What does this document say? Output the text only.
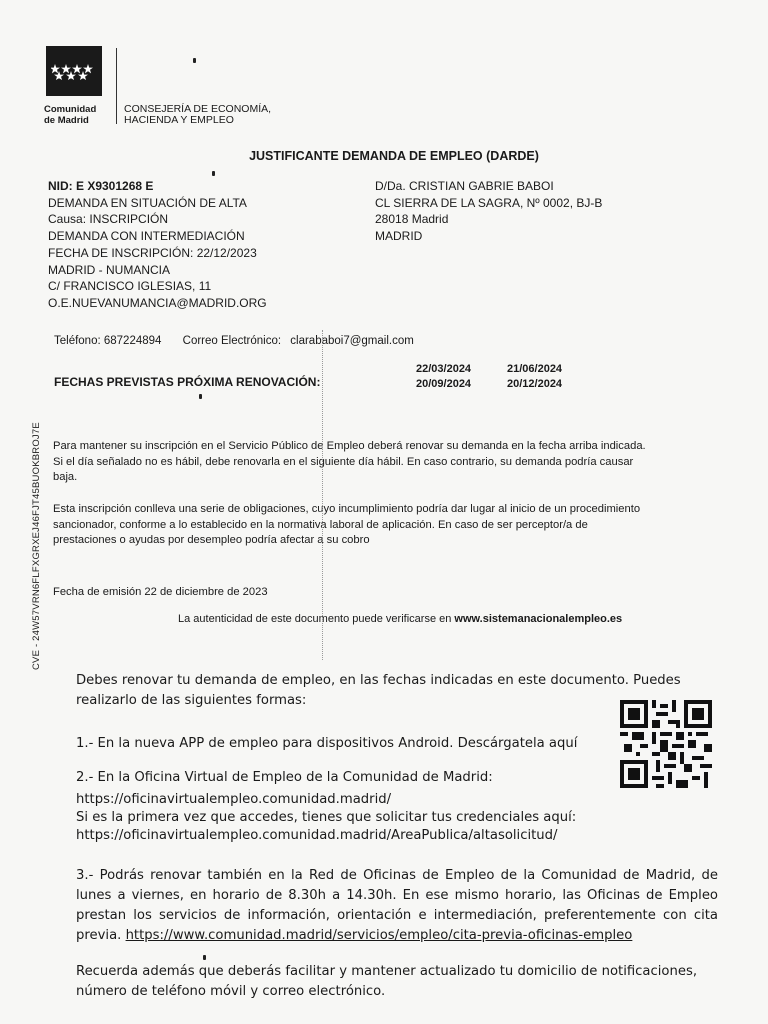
Comunidad
de Madrid
CONSEJERÍA DE ECONOMÍA,
HACIENDA Y EMPLEO
JUSTIFICANTE DEMANDA DE EMPLEO (DARDE)
NID: E X9301268 E
DEMANDA EN SITUACIÓN DE ALTA
Causa: INSCRIPCIÓN
DEMANDA CON INTERMEDIACIÓN
FECHA DE INSCRIPCIÓN: 22/12/2023
MADRID - NUMANCIA
C/ FRANCISCO IGLESIAS, 11
O.E.NUEVANUMANCIA@MADRID.ORG
D/Da. CRISTIAN GABRIE BABOI
CL SIERRA DE LA SAGRA, Nº 0002, BJ-B
28018 Madrid
MADRID
Teléfono: 687224894 Correo Electrónico: clarababoi7@gmail.com
FECHAS PREVISTAS PRÓXIMA RENOVACIÓN:
22/03/2024	21/06/2024
20/09/2024	20/12/2024
CVE - 24W57VRN6FLFXGRXEJ46FJT45BUOKBROJ7E Para mantener su inscripción en el Servicio Público de Empleo deberá renovar su demanda en la fecha arriba indicada. Si el día señalado no es hábil, debe renovarla en el siguiente día hábil. En caso contrario, su demanda podría causar baja.
Esta inscripción conlleva una serie de obligaciones, cuyo incumplimiento podría dar lugar al inicio de un procedimiento sancionador, conforme a lo establecido en la normativa laboral de aplicación. En caso de ser perceptor/a de prestaciones o ayudas por desempleo podría afectar a su cobro
Fecha de emisión 22 de diciembre de 2023
La autenticidad de este documento puede verificarse en www.sistemanacionalempleo.es
Debes renovar tu demanda de empleo, en las fechas indicadas en este documento. Puedes realizarlo de las siguientes formas:
1.- En la nueva APP de empleo para dispositivos Android. Descárgatela aquí
2.- En la Oficina Virtual de Empleo de la Comunidad de Madrid:
https://oficinavirtualempleo.comunidad.madrid/
Si es la primera vez que accedes, tienes que solicitar tus credenciales aquí:
https://oficinavirtualempleo.comunidad.madrid/AreaPublica/altasolicitud/
3.- Podrás renovar también en la Red de Oficinas de Empleo de la Comunidad de Madrid, de lunes a viernes, en horario de 8.30h a 14.30h. En ese mismo horario, las Oficinas de Empleo prestan los servicios de información, orientación e intermediación, preferentemente con cita previa. https://www.comunidad.madrid/servicios/empleo/cita-previa-oficinas-empleo
Recuerda además que deberás facilitar y mantener actualizado tu domicilio de notificaciones, número de teléfono móvil y correo electrónico.
